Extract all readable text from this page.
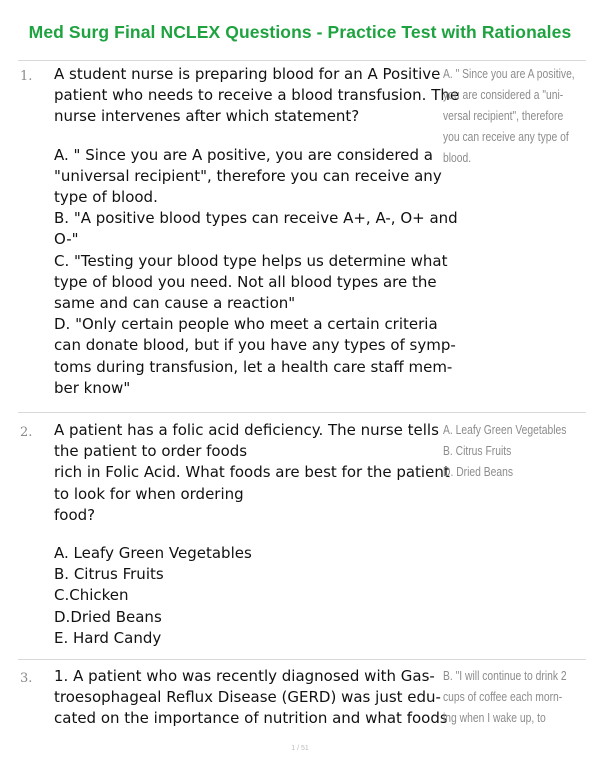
Med Surg Final NCLEX Questions - Practice Test with Rationales
1. A student nurse is preparing blood for an A Positive
patient who needs to receive a blood transfusion. The
nurse intervenes after which statement?
A. " Since you are A positive, you are considered a
"universal recipient", therefore you can receive any
type of blood.
B. "A positive blood types can receive A+, A-, O+ and
O-"
C. "Testing your blood type helps us determine what
type of blood you need. Not all blood types are the
same and can cause a reaction"
D. "Only certain people who meet a certain criteria
can donate blood, but if you have any types of symp-
toms during transfusion, let a health care staff mem-
ber know"
A. " Since you are A positive,
you are considered a "uni-
versal recipient", therefore
you can receive any type of
blood.
2. A patient has a folic acid deficiency. The nurse tells
the patient to order foods
rich in Folic Acid. What foods are best for the patient
to look for when ordering
food?
A. Leafy Green Vegetables
B. Citrus Fruits
C.Chicken
D.Dried Beans
E. Hard Candy
A. Leafy Green Vegetables
B. Citrus Fruits
D. Dried Beans
3. 1. A patient who was recently diagnosed with Gas-
troesophageal Reflux Disease (GERD) was just edu-
cated on the importance of nutrition and what foods
B. "I will continue to drink 2
cups of coffee each morn-
ing when I wake up, to
1 / 51
